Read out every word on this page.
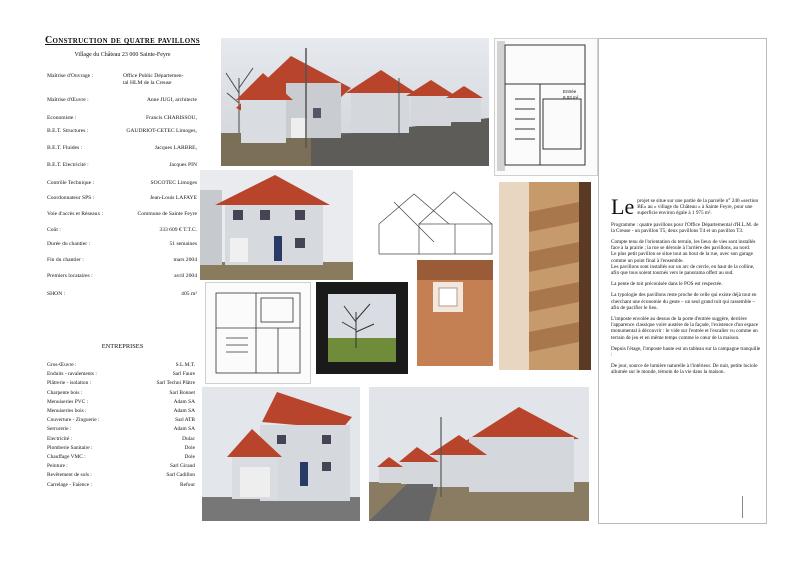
Construction de quatre pavillons
Village du Château 23 000 Sainte-Feyre
Maîtrise d'Ouvrage :	Office Public Départemen-
tal HLM de la Creuse
Maîtrise d'Œuvre :	Anne JUGI, architecte
Economiste :	Francis CHARISSOU,
B.E.T. Structures :	GAUDRIOT-CETEC Limoges,
B.E.T. Fluides :	Jacques LARBRE,
B.E.T. Electricité :	Jacques PIN
Contrôle Technique :	SOCOTEC Limoges
Coordonnateur SPS :	Jean-Louis LAFAYE
Voie d'accès et Réseaux :	Commune de Sainte Feyre
Coût :	333 609 € T.T.C.
Durée du chantier :	51 semaines
Fin du chantier :	mars 2004
Premiers locataires :	avril 2004
SHON :	405 m²
ENTREPRISES
Gros-Œuvre :	S.L.M.T.
Enduits - ravalements :	Sarl Faure
Plâtrerie - isolation :	Sarl Techni Plâtre
Charpente bois :	Sarl Bonnet
Menuiseries PVC :	Adam SA
Menuiseries bois :	Adam SA
Couverture - Zinguerie :	Sarl ATB
Serrurerie :	Adam SA
Electricité :	Dulac
Plomberie Sanitaire :	Dole
Chauffage VMC :	Dole
Peinture :	Sarl Giraud
Revêtement de sols :	Sarl Cadillon
Carrelage - Faïence :	Refour
Entrée
8,03 m²

Le projet se situe sur une partie de la parcelle n° 240 «section BE» au « village du Château » à Sainte Feyre, pour une superficie environ égale à 1 975 m².

Programme : quatre pavillons pour l'Office Départemental d'H.L.M. de la Creuse - un pavillon T5, deux pavillons T4 et un pavillon T3.

Compte tenu de l'orientation du terrain, les lieux de vies sont installés face à la prairie ; la rue se déroule à l'arrière des pavillons, au nord.
Le plus petit pavillon se situe tout au bout de la rue, avec son garage comme un point final à l'ensemble.
Les pavillons sont installés sur un arc de cercle, en haut de la colline, afin que tous soient tournés vers le panorama offert au sud.

La pente de toit préconisée dans le POS est respectée.

La typologie des pavillons reste proche de celle qui existe déjà tout en cherchant une économie du geste – un seul grand toit qui rassemble – afin de pacifier le lieu.

L'imposte envolée au dessus de la porte d'entrée suggère, derrière l'apparence classique voire austère de la façade, l'existence d'un espace monumental à découvrir : le vide sur l'entrée et l'escalier vu comme un terrain de jeu et en même temps comme le cœur de la maison.

Depuis l'étage, l'imposte haute est un tableau sur la campagne tranquille :

De jour, source de lumière naturelle à l'intérieur. De nuit, petite luciole allumée sur le monde, témoin de la vie dans la maison.
